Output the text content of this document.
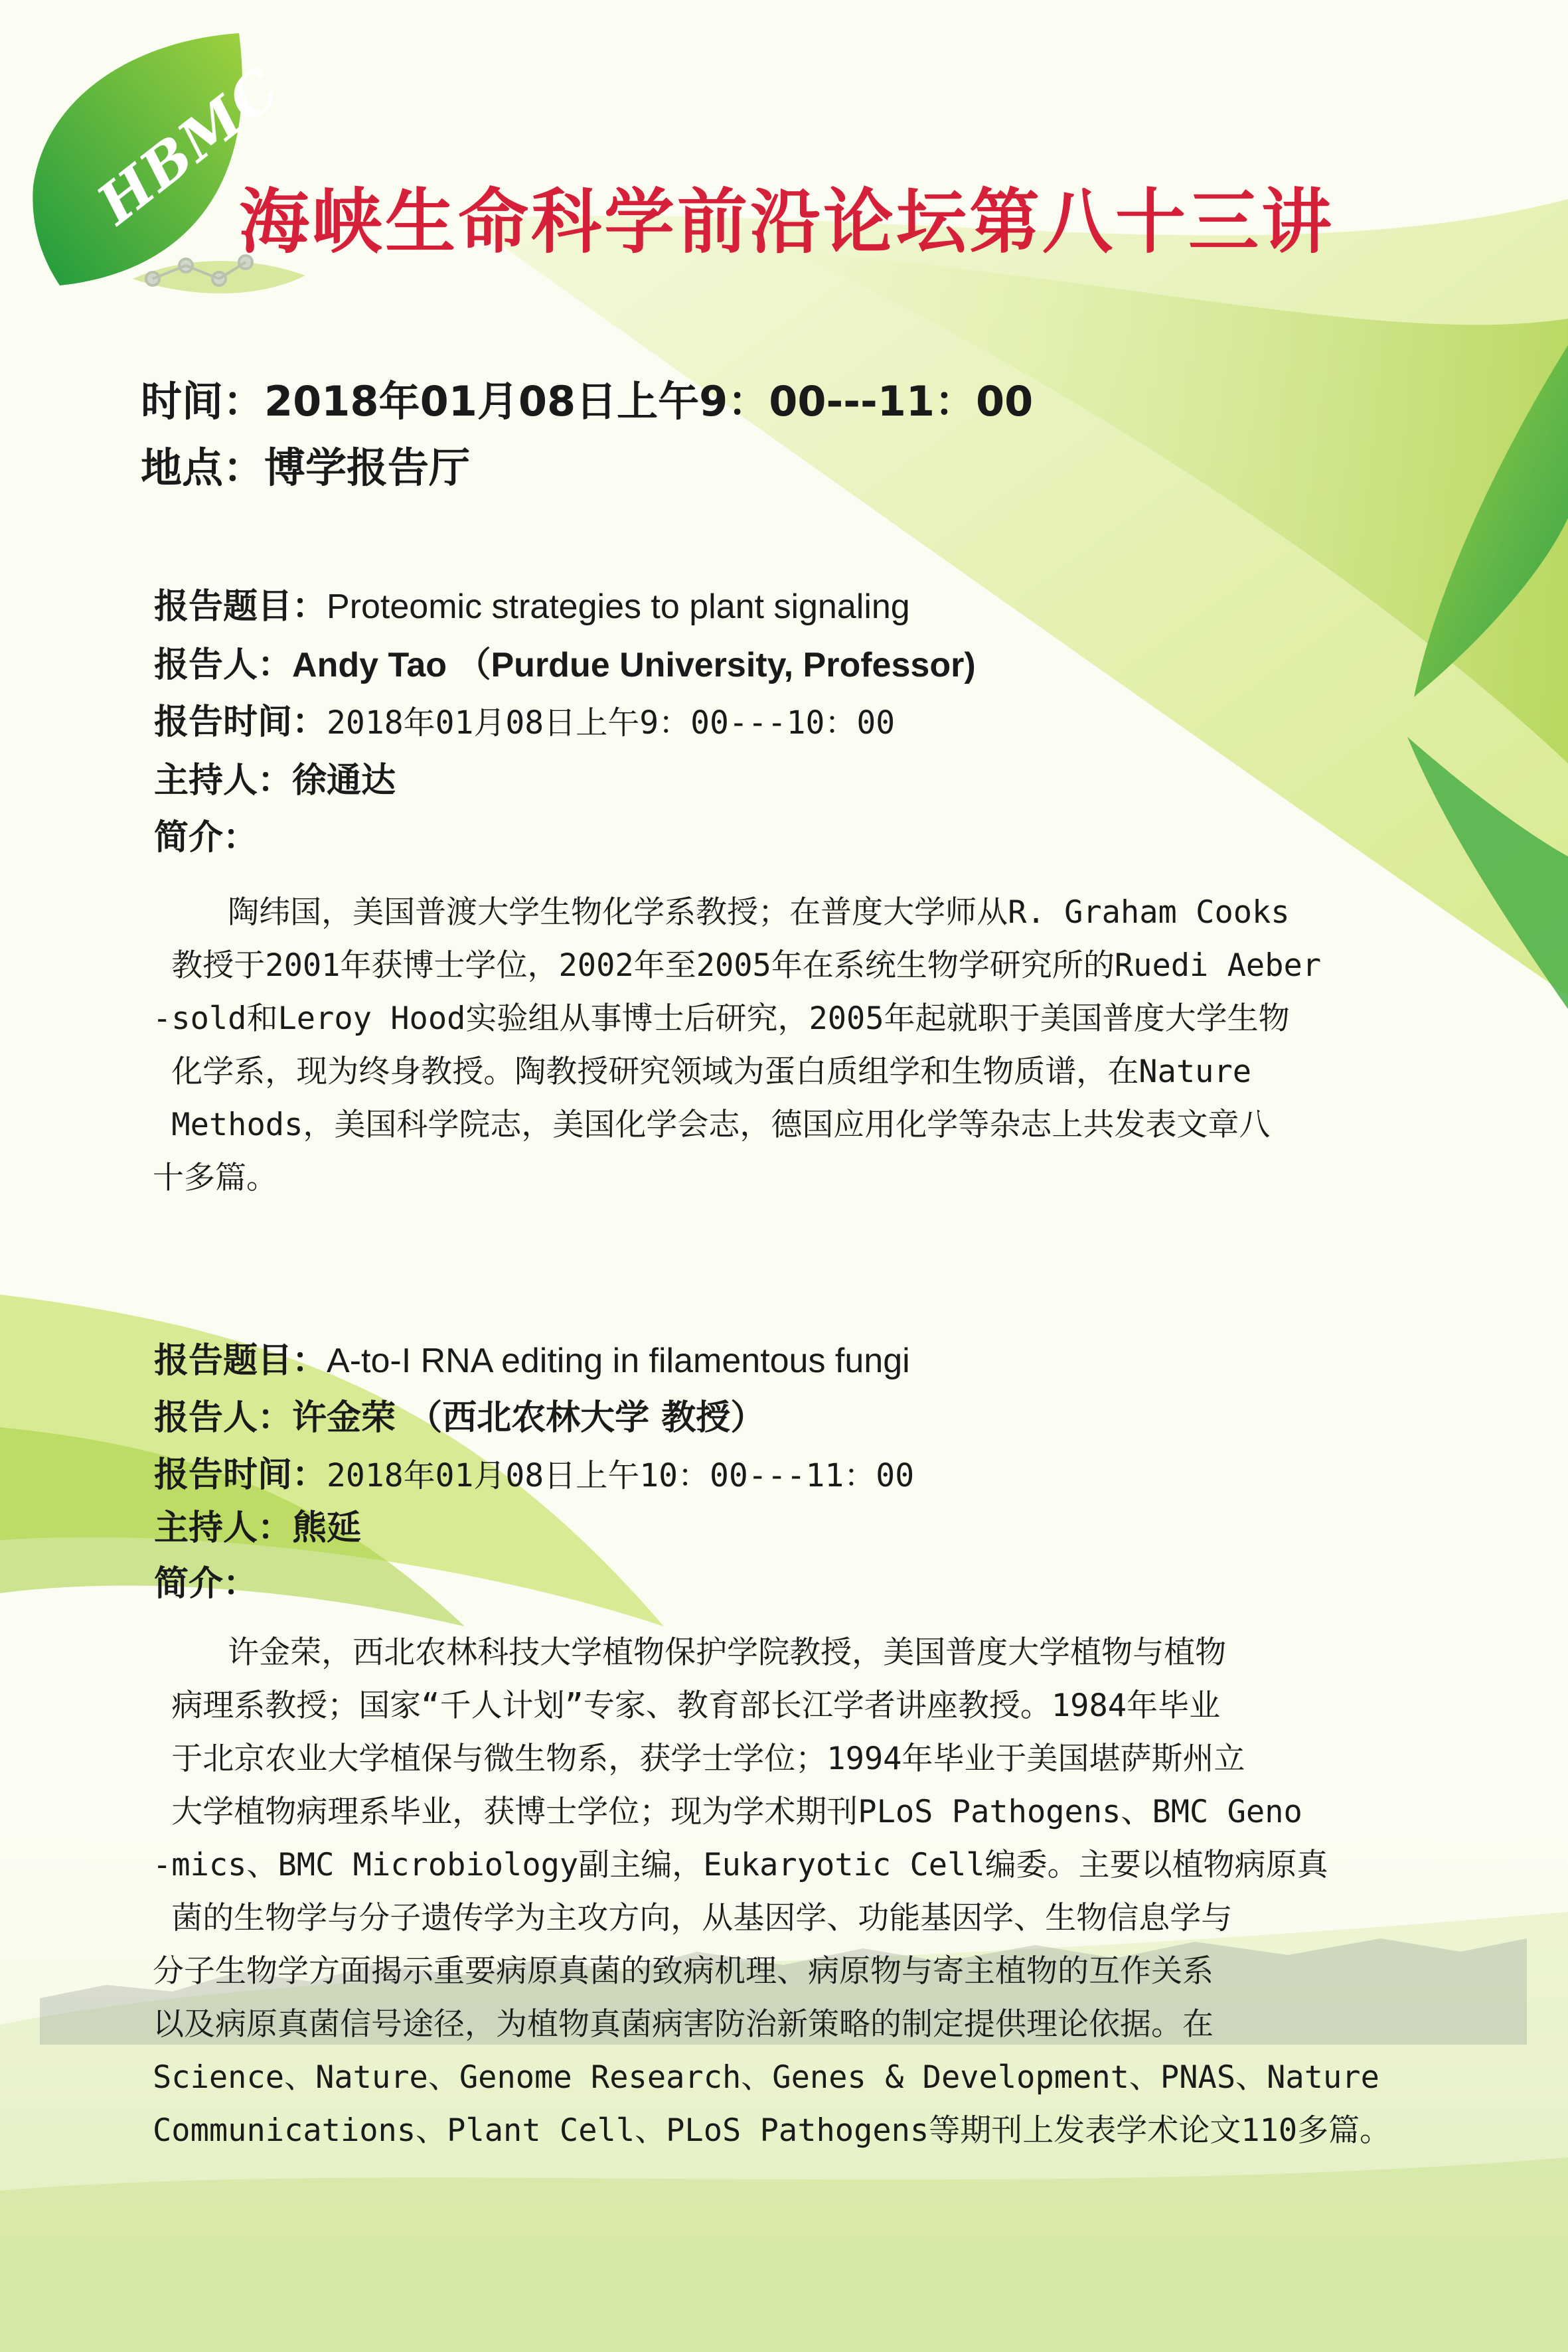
HBMC
海峡生命科学前沿论坛第八十三讲
时间：2018年01月08日上午9：00---11：00
地点：博学报告厅
报告题目：Proteomic strategies to plant signaling
报告人：Andy Tao （Purdue University, Professor)
报告时间：2018年01月08日上午9：00---10：00
主持人：徐通达
简介：
陶纬国，美国普渡大学生物化学系教授；在普度大学师从R. Graham Cooks
教授于2001年获博士学位，2002年至2005年在系统生物学研究所的Ruedi Aeber
-sold和Leroy Hood实验组从事博士后研究，2005年起就职于美国普度大学生物
化学系，现为终身教授。陶教授研究领域为蛋白质组学和生物质谱，在Nature
Methods，美国科学院志，美国化学会志，德国应用化学等杂志上共发表文章八
十多篇。
报告题目：A-to-I RNA editing in filamentous fungi
报告人：许金荣 （西北农林大学 教授）
报告时间：2018年01月08日上午10：00---11：00
主持人：熊延
简介：
许金荣，西北农林科技大学植物保护学院教授，美国普度大学植物与植物
病理系教授；国家“千人计划”专家、教育部长江学者讲座教授。1984年毕业
于北京农业大学植保与微生物系，获学士学位；1994年毕业于美国堪萨斯州立
大学植物病理系毕业，获博士学位；现为学术期刊PLoS Pathogens、BMC Geno
-mics、BMC Microbiology副主编，Eukaryotic Cell编委。主要以植物病原真
菌的生物学与分子遗传学为主攻方向，从基因学、功能基因学、生物信息学与
分子生物学方面揭示重要病原真菌的致病机理、病原物与寄主植物的互作关系
以及病原真菌信号途径，为植物真菌病害防治新策略的制定提供理论依据。在
Science、Nature、Genome Research、Genes & Development、PNAS、Nature
Communications、Plant Cell、PLoS Pathogens等期刊上发表学术论文110多篇。
